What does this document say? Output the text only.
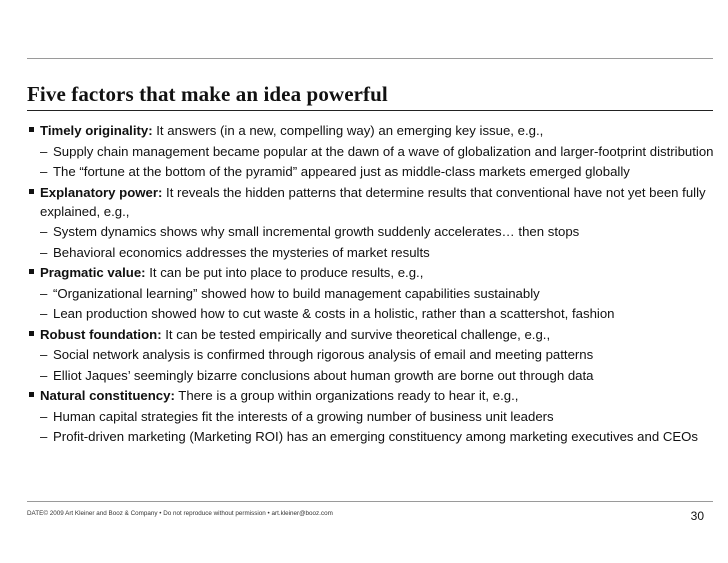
Five factors that make an idea powerful
Timely originality: It answers (in a new, compelling way) an emerging key issue, e.g.,
– Supply chain management became popular at the dawn of a wave of globalization and larger-footprint distribution
– The “fortune at the bottom of the pyramid” appeared just as middle-class markets emerged globally
Explanatory power: It reveals the hidden patterns that determine results that conventional have not yet been fully explained, e.g.,
– System dynamics shows why small incremental growth suddenly accelerates… then stops
– Behavioral economics addresses the mysteries of market results
Pragmatic value: It can be put into place to produce results, e.g.,
– “Organizational learning” showed how to build management capabilities sustainably
– Lean production showed how to cut waste & costs in a holistic, rather than a scattershot, fashion
Robust foundation: It can be tested empirically and survive theoretical challenge, e.g.,
– Social network analysis is confirmed through rigorous analysis of email and meeting patterns
– Elliot Jaques’ seemingly bizarre conclusions about human growth are borne out through data
Natural constituency: There is a group within organizations ready to hear it, e.g.,
– Human capital strategies fit the interests of a growing number of business unit leaders
– Profit-driven marketing (Marketing ROI) has an emerging constituency among marketing executives and CEOs
DATE© 2009 Art Kleiner and Booz & Company • Do not reproduce without permission • art.kleiner@booz.com	30
